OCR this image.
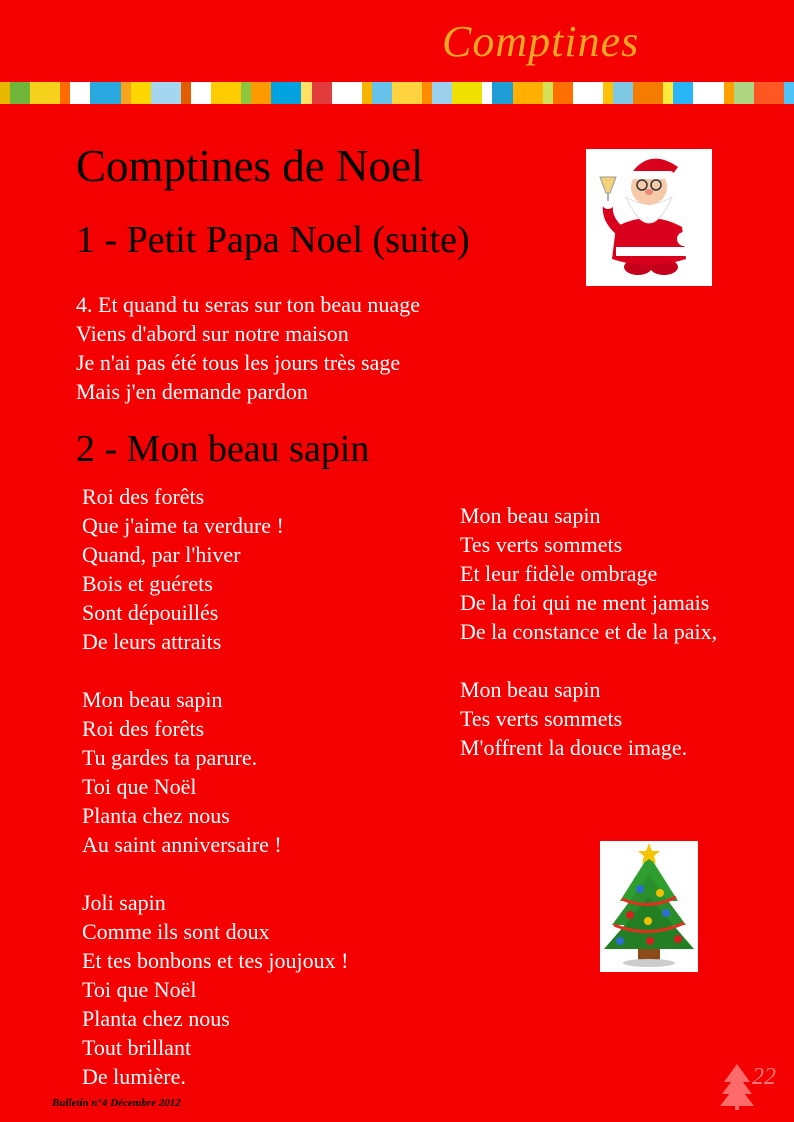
Comptines
Comptines de Noel
1 - Petit Papa Noel (suite)
4. Et quand tu seras sur ton beau nuage
Viens d'abord sur notre maison
Je n'ai pas été tous les jours très sage
Mais j'en demande pardon
2 - Mon beau sapin
Roi des forêts
Que j'aime ta verdure !
Quand, par l'hiver
Bois et guérets
Sont dépouillés
De leurs attraits
Mon beau sapin
Roi des forêts
Tu gardes ta parure.
Toi que Noël
Planta chez nous
Au saint anniversaire !
Joli sapin
Comme ils sont doux
Et tes bonbons et tes joujoux !
Toi que Noël
Planta chez nous
Tout brillant
De lumière.
Mon beau sapin
Tes verts sommets
Et leur fidèle ombrage
De la foi qui ne ment jamais
De la constance et de la paix,
Mon beau sapin
Tes verts sommets
M'offrent la douce image.
22
Bulletin n°4 Décembre 2012
